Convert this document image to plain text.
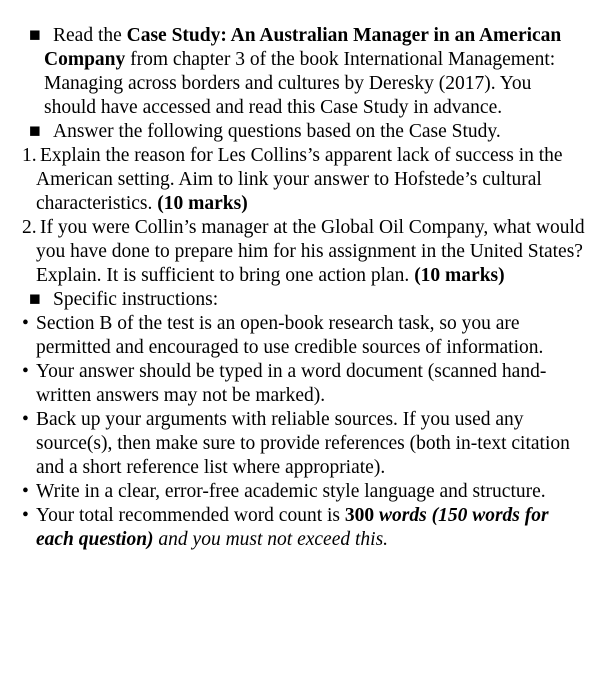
■ Read the Case Study: An Australian Manager in an American Company from chapter 3 of the book International Management: Managing across borders and cultures by Deresky (2017). You should have accessed and read this Case Study in advance.
■ Answer the following questions based on the Case Study.
1. Explain the reason for Les Collins’s apparent lack of success in the American setting. Aim to link your answer to Hofstede’s cultural characteristics. (10 marks)
2. If you were Collin’s manager at the Global Oil Company, what would you have done to prepare him for his assignment in the United States? Explain. It is sufficient to bring one action plan. (10 marks)
■ Specific instructions:
• Section B of the test is an open-book research task, so you are permitted and encouraged to use credible sources of information.
• Your answer should be typed in a word document (scanned hand-written answers may not be marked).
• Back up your arguments with reliable sources. If you used any source(s), then make sure to provide references (both in-text citation and a short reference list where appropriate).
• Write in a clear, error-free academic style language and structure.
• Your total recommended word count is 300 words (150 words for each question) and you must not exceed this.
